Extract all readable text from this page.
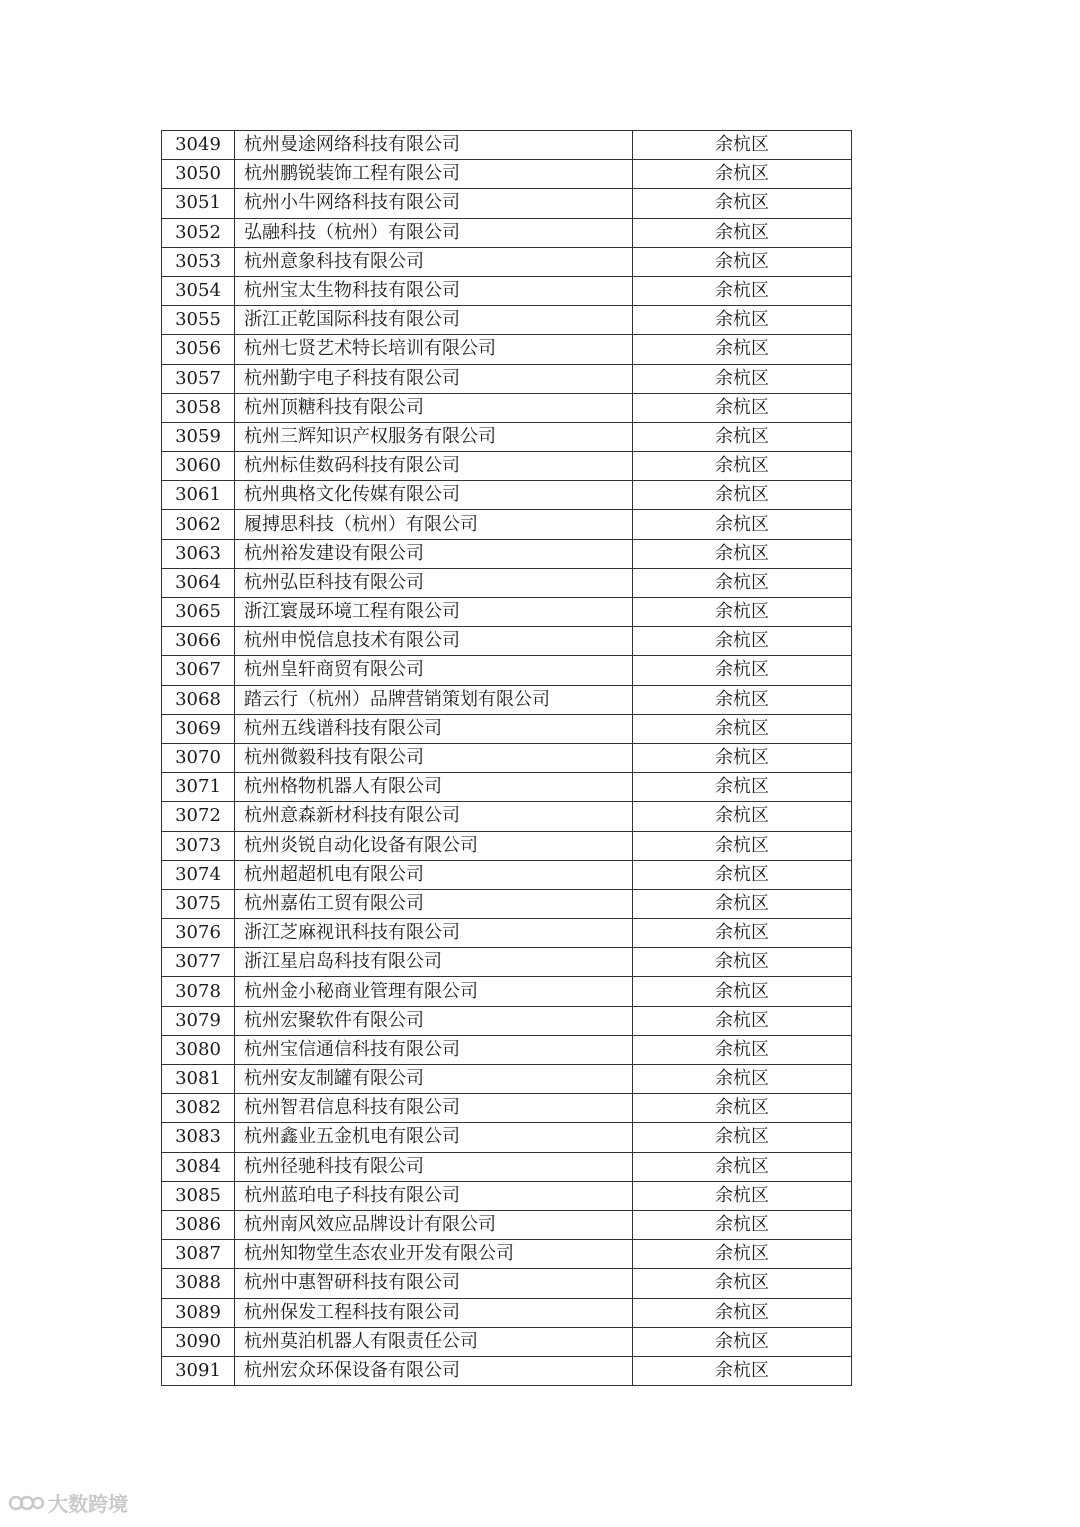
3049	杭州曼途网络科技有限公司	余杭区
3050	杭州鹏锐装饰工程有限公司	余杭区
3051	杭州小牛网络科技有限公司	余杭区
3052	弘融科技（杭州）有限公司	余杭区
3053	杭州意象科技有限公司	余杭区
3054	杭州宝太生物科技有限公司	余杭区
3055	浙江正乾国际科技有限公司	余杭区
3056	杭州七贤艺术特长培训有限公司	余杭区
3057	杭州勤宇电子科技有限公司	余杭区
3058	杭州顶糖科技有限公司	余杭区
3059	杭州三辉知识产权服务有限公司	余杭区
3060	杭州标佳数码科技有限公司	余杭区
3061	杭州典格文化传媒有限公司	余杭区
3062	履搏思科技（杭州）有限公司	余杭区
3063	杭州裕发建设有限公司	余杭区
3064	杭州弘臣科技有限公司	余杭区
3065	浙江寰晟环境工程有限公司	余杭区
3066	杭州申悦信息技术有限公司	余杭区
3067	杭州皇轩商贸有限公司	余杭区
3068	踏云行（杭州）品牌营销策划有限公司	余杭区
3069	杭州五线谱科技有限公司	余杭区
3070	杭州微毅科技有限公司	余杭区
3071	杭州格物机器人有限公司	余杭区
3072	杭州意森新材科技有限公司	余杭区
3073	杭州炎锐自动化设备有限公司	余杭区
3074	杭州超超机电有限公司	余杭区
3075	杭州嘉佑工贸有限公司	余杭区
3076	浙江芝麻视讯科技有限公司	余杭区
3077	浙江星启岛科技有限公司	余杭区
3078	杭州金小秘商业管理有限公司	余杭区
3079	杭州宏聚软件有限公司	余杭区
3080	杭州宝信通信科技有限公司	余杭区
3081	杭州安友制罐有限公司	余杭区
3082	杭州智君信息科技有限公司	余杭区
3083	杭州鑫业五金机电有限公司	余杭区
3084	杭州径驰科技有限公司	余杭区
3085	杭州蓝珀电子科技有限公司	余杭区
3086	杭州南风效应品牌设计有限公司	余杭区
3087	杭州知物堂生态农业开发有限公司	余杭区
3088	杭州中惠智研科技有限公司	余杭区
3089	杭州保发工程科技有限公司	余杭区
3090	杭州莫泊机器人有限责任公司	余杭区
3091	杭州宏众环保设备有限公司	余杭区
大数跨境
